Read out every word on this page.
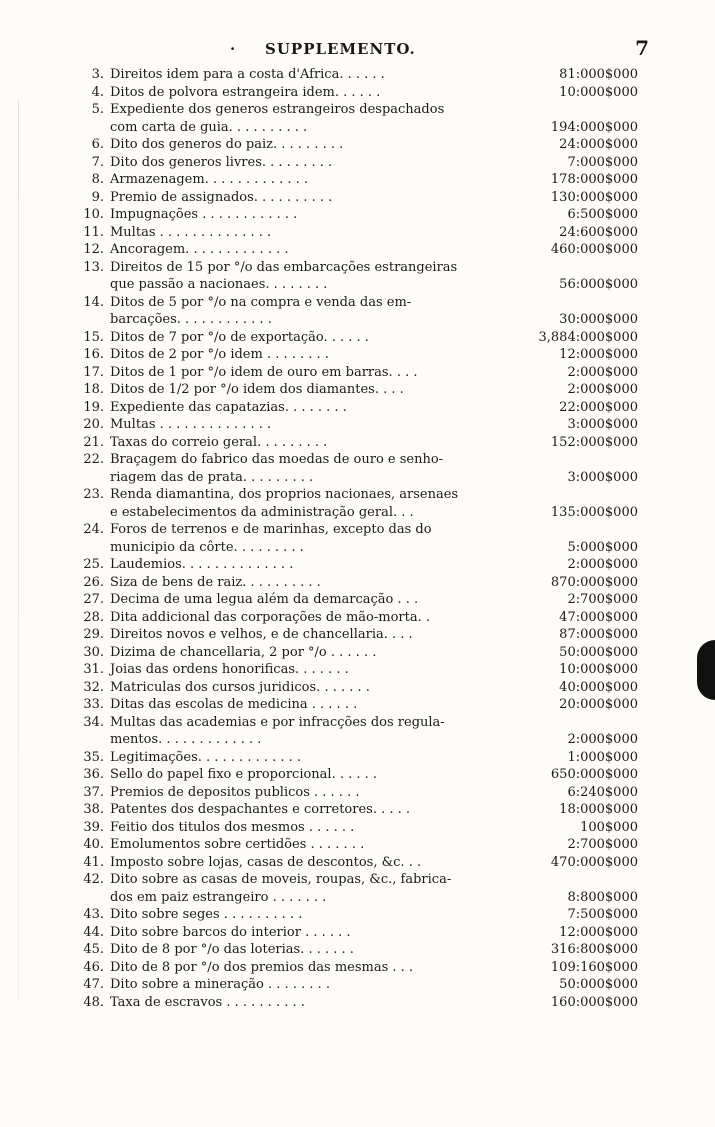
· SUPPLEMENTO.	7
3. Direitos idem para a costa d'Africa. . . . . .	81:000$000
4. Ditos de polvora estrangeira idem. . . . . .	10:000$000
5. Expediente dos generos estrangeiros despachados
com carta de guia. . . . . . . . . .	194:000$000
6. Dito dos generos do paiz. . . . . . . . .	24:000$000
7. Dito dos generos livres. . . . . . . . .	7:000$000
8. Armazenagem. . . . . . . . . . . . .	178:000$000
9. Premio de assignados. . . . . . . . . .	130:000$000
10. Impugnações . . . . . . . . . . . .	6:500$000
11. Multas . . . . . . . . . . . . . .	24:600$000
12. Ancoragem. . . . . . . . . . . . .	460:000$000
13. Direitos de 15 por °/o das embarcações estrangeiras
que passão a nacionaes. . . . . . . .	56:000$000
14. Ditos de 5 por °/o na compra e venda das em-
barcações. . . . . . . . . . . .	30:000$000
15. Ditos de 7 por °/o de exportação. . . . . .	3,884:000$000
16. Ditos de 2 por °/o idem . . . . . . . .	12:000$000
17. Ditos de 1 por °/o idem de ouro em barras. . . .	2:000$000
18. Ditos de 1/2 por °/o idem dos diamantes. . . .	2:000$000
19. Expediente das capatazias. . . . . . . .	22:000$000
20. Multas . . . . . . . . . . . . . .	3:000$000
21. Taxas do correio geral. . . . . . . . .	152:000$000
22. Braçagem do fabrico das moedas de ouro e senho-
riagem das de prata. . . . . . . . .	3:000$000
23. Renda diamantina, dos proprios nacionaes, arsenaes
e estabelecimentos da administração geral. . .	135:000$000
24. Foros de terrenos e de marinhas, excepto das do
municipio da côrte. . . . . . . . .	5:000$000
25. Laudemios. . . . . . . . . . . . . .	2:000$000
26. Siza de bens de raiz. . . . . . . . . .	870:000$000
27. Decima de uma legua além da demarcação . . .	2:700$000
28. Dita addicional das corporações de mão-morta. .	47:000$000
29. Direitos novos e velhos, e de chancellaria. . . .	87:000$000
30. Dizima de chancellaria, 2 por °/o . . . . . .	50:000$000
31. Joias das ordens honorificas. . . . . . .	10:000$000
32. Matriculas dos cursos juridicos. . . . . . .	40:000$000
33. Ditas das escolas de medicina . . . . . .	20:000$000
34. Multas das academias e por infracções dos regula-
mentos. . . . . . . . . . . . .	2:000$000
35. Legitimações. . . . . . . . . . . . .	1:000$000
36. Sello do papel fixo e proporcional. . . . . .	650:000$000
37. Premios de depositos publicos . . . . . .	6:240$000
38. Patentes dos despachantes e corretores. . . . .	18:000$000
39. Feitio dos titulos dos mesmos . . . . . .	100$000
40. Emolumentos sobre certidões . . . . . . .	2:700$000
41. Imposto sobre lojas, casas de descontos, &c. . .	470:000$000
42. Dito sobre as casas de moveis, roupas, &c., fabrica-
dos em paiz estrangeiro . . . . . . .	8:800$000
43. Dito sobre seges . . . . . . . . . .	7:500$000
44. Dito sobre barcos do interior . . . . . .	12:000$000
45. Dito de 8 por °/o das loterias. . . . . . .	316:800$000
46. Dito de 8 por °/o dos premios das mesmas . . .	109:160$000
47. Dito sobre a mineração . . . . . . . .	50:000$000
48. Taxa de escravos . . . . . . . . . .	160:000$000
